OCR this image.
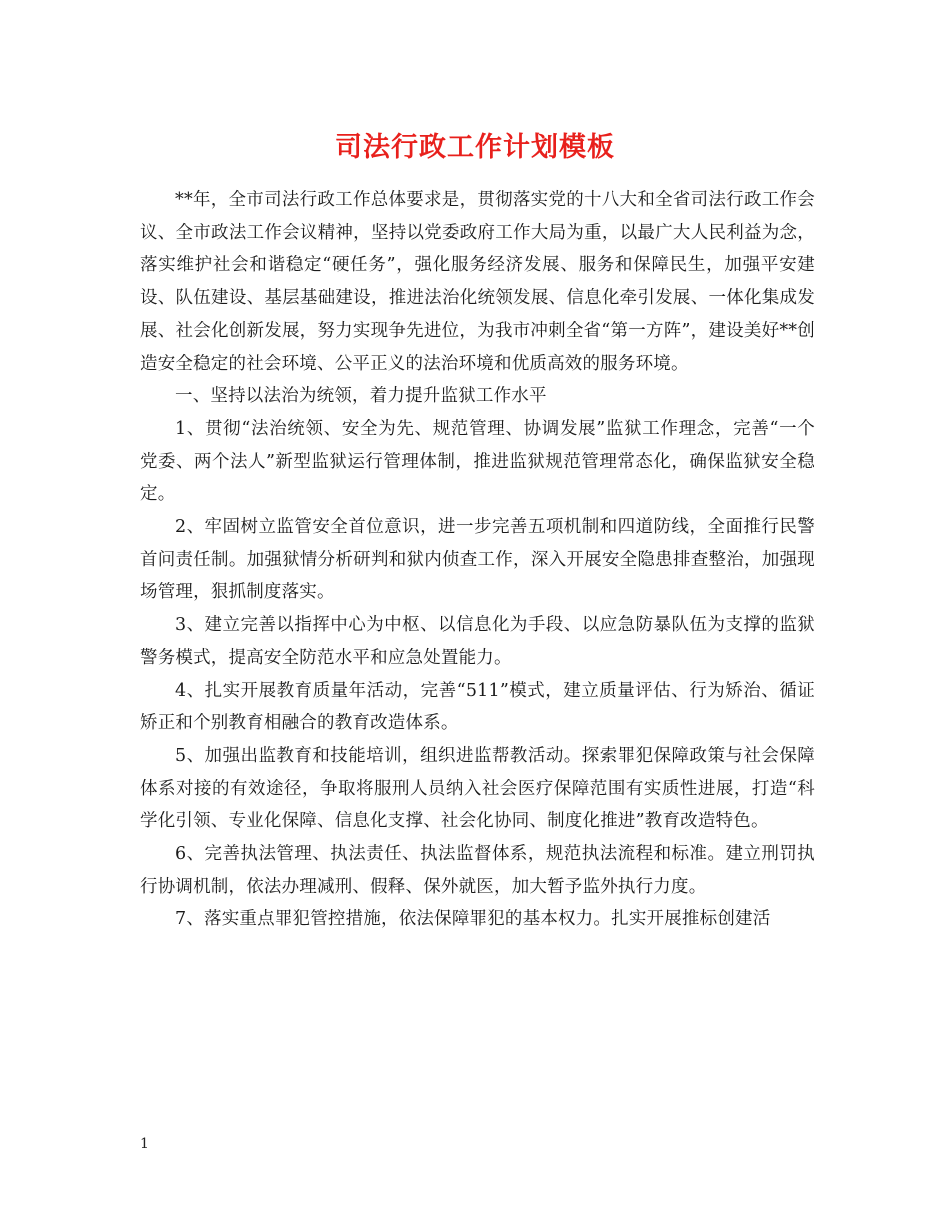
司法行政工作计划模板

**年，全市司法行政工作总体要求是，贯彻落实党的十八大和全省司法行政工作会议、全市政法工作会议精神，坚持以党委政府工作大局为重，以最广大人民利益为念，落实维护社会和谐稳定“硬任务”，强化服务经济发展、服务和保障民生，加强平安建设、队伍建设、基层基础建设，推进法治化统领发展、信息化牵引发展、一体化集成发展、社会化创新发展，努力实现争先进位，为我市冲刺全省“第一方阵”，建设美好**创造安全稳定的社会环境、公平正义的法治环境和优质高效的服务环境。

一、坚持以法治为统领，着力提升监狱工作水平

1、贯彻“法治统领、安全为先、规范管理、协调发展”监狱工作理念，完善“一个党委、两个法人”新型监狱运行管理体制，推进监狱规范管理常态化，确保监狱安全稳定。

2、牢固树立监管安全首位意识，进一步完善五项机制和四道防线，全面推行民警首问责任制。加强狱情分析研判和狱内侦查工作，深入开展安全隐患排查整治，加强现场管理，狠抓制度落实。

3、建立完善以指挥中心为中枢、以信息化为手段、以应急防暴队伍为支撑的监狱警务模式，提高安全防范水平和应急处置能力。

4、扎实开展教育质量年活动，完善“511”模式，建立质量评估、行为矫治、循证矫正和个别教育相融合的教育改造体系。

5、加强出监教育和技能培训，组织进监帮教活动。探索罪犯保障政策与社会保障体系对接的有效途径，争取将服刑人员纳入社会医疗保障范围有实质性进展，打造“科学化引领、专业化保障、信息化支撑、社会化协同、制度化推进”教育改造特色。

6、完善执法管理、执法责任、执法监督体系，规范执法流程和标准。建立刑罚执行协调机制，依法办理减刑、假释、保外就医，加大暂予监外执行力度。

7、落实重点罪犯管控措施，依法保障罪犯的基本权力。扎实开展推标创建活

1
